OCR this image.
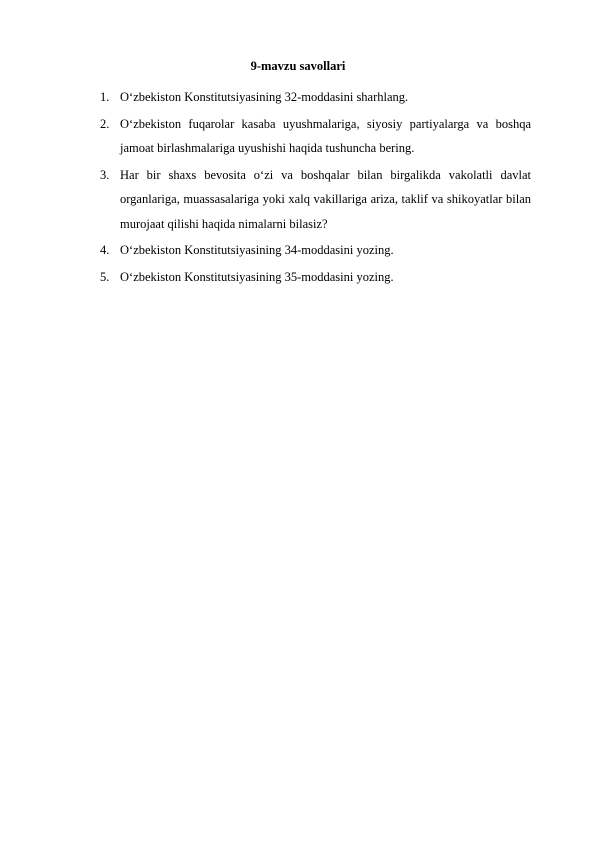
9-mavzu savollari
1. O‘zbekiston Konstitutsiyasining 32-moddasini sharhlang.
2. O‘zbekiston fuqarolar kasaba uyushmalariga, siyosiy partiyalarga va boshqa jamoat birlashmalariga uyushishi haqida tushuncha bering.
3. Har bir shaxs bevosita o‘zi va boshqalar bilan birgalikda vakolatli davlat organlariga, muassasalariga yoki xalq vakillariga ariza, taklif va shikoyatlar bilan murojaat qilishi haqida nimalarni bilasiz?
4. O‘zbekiston Konstitutsiyasining 34-moddasini yozing.
5. O‘zbekiston Konstitutsiyasining 35-moddasini yozing.
